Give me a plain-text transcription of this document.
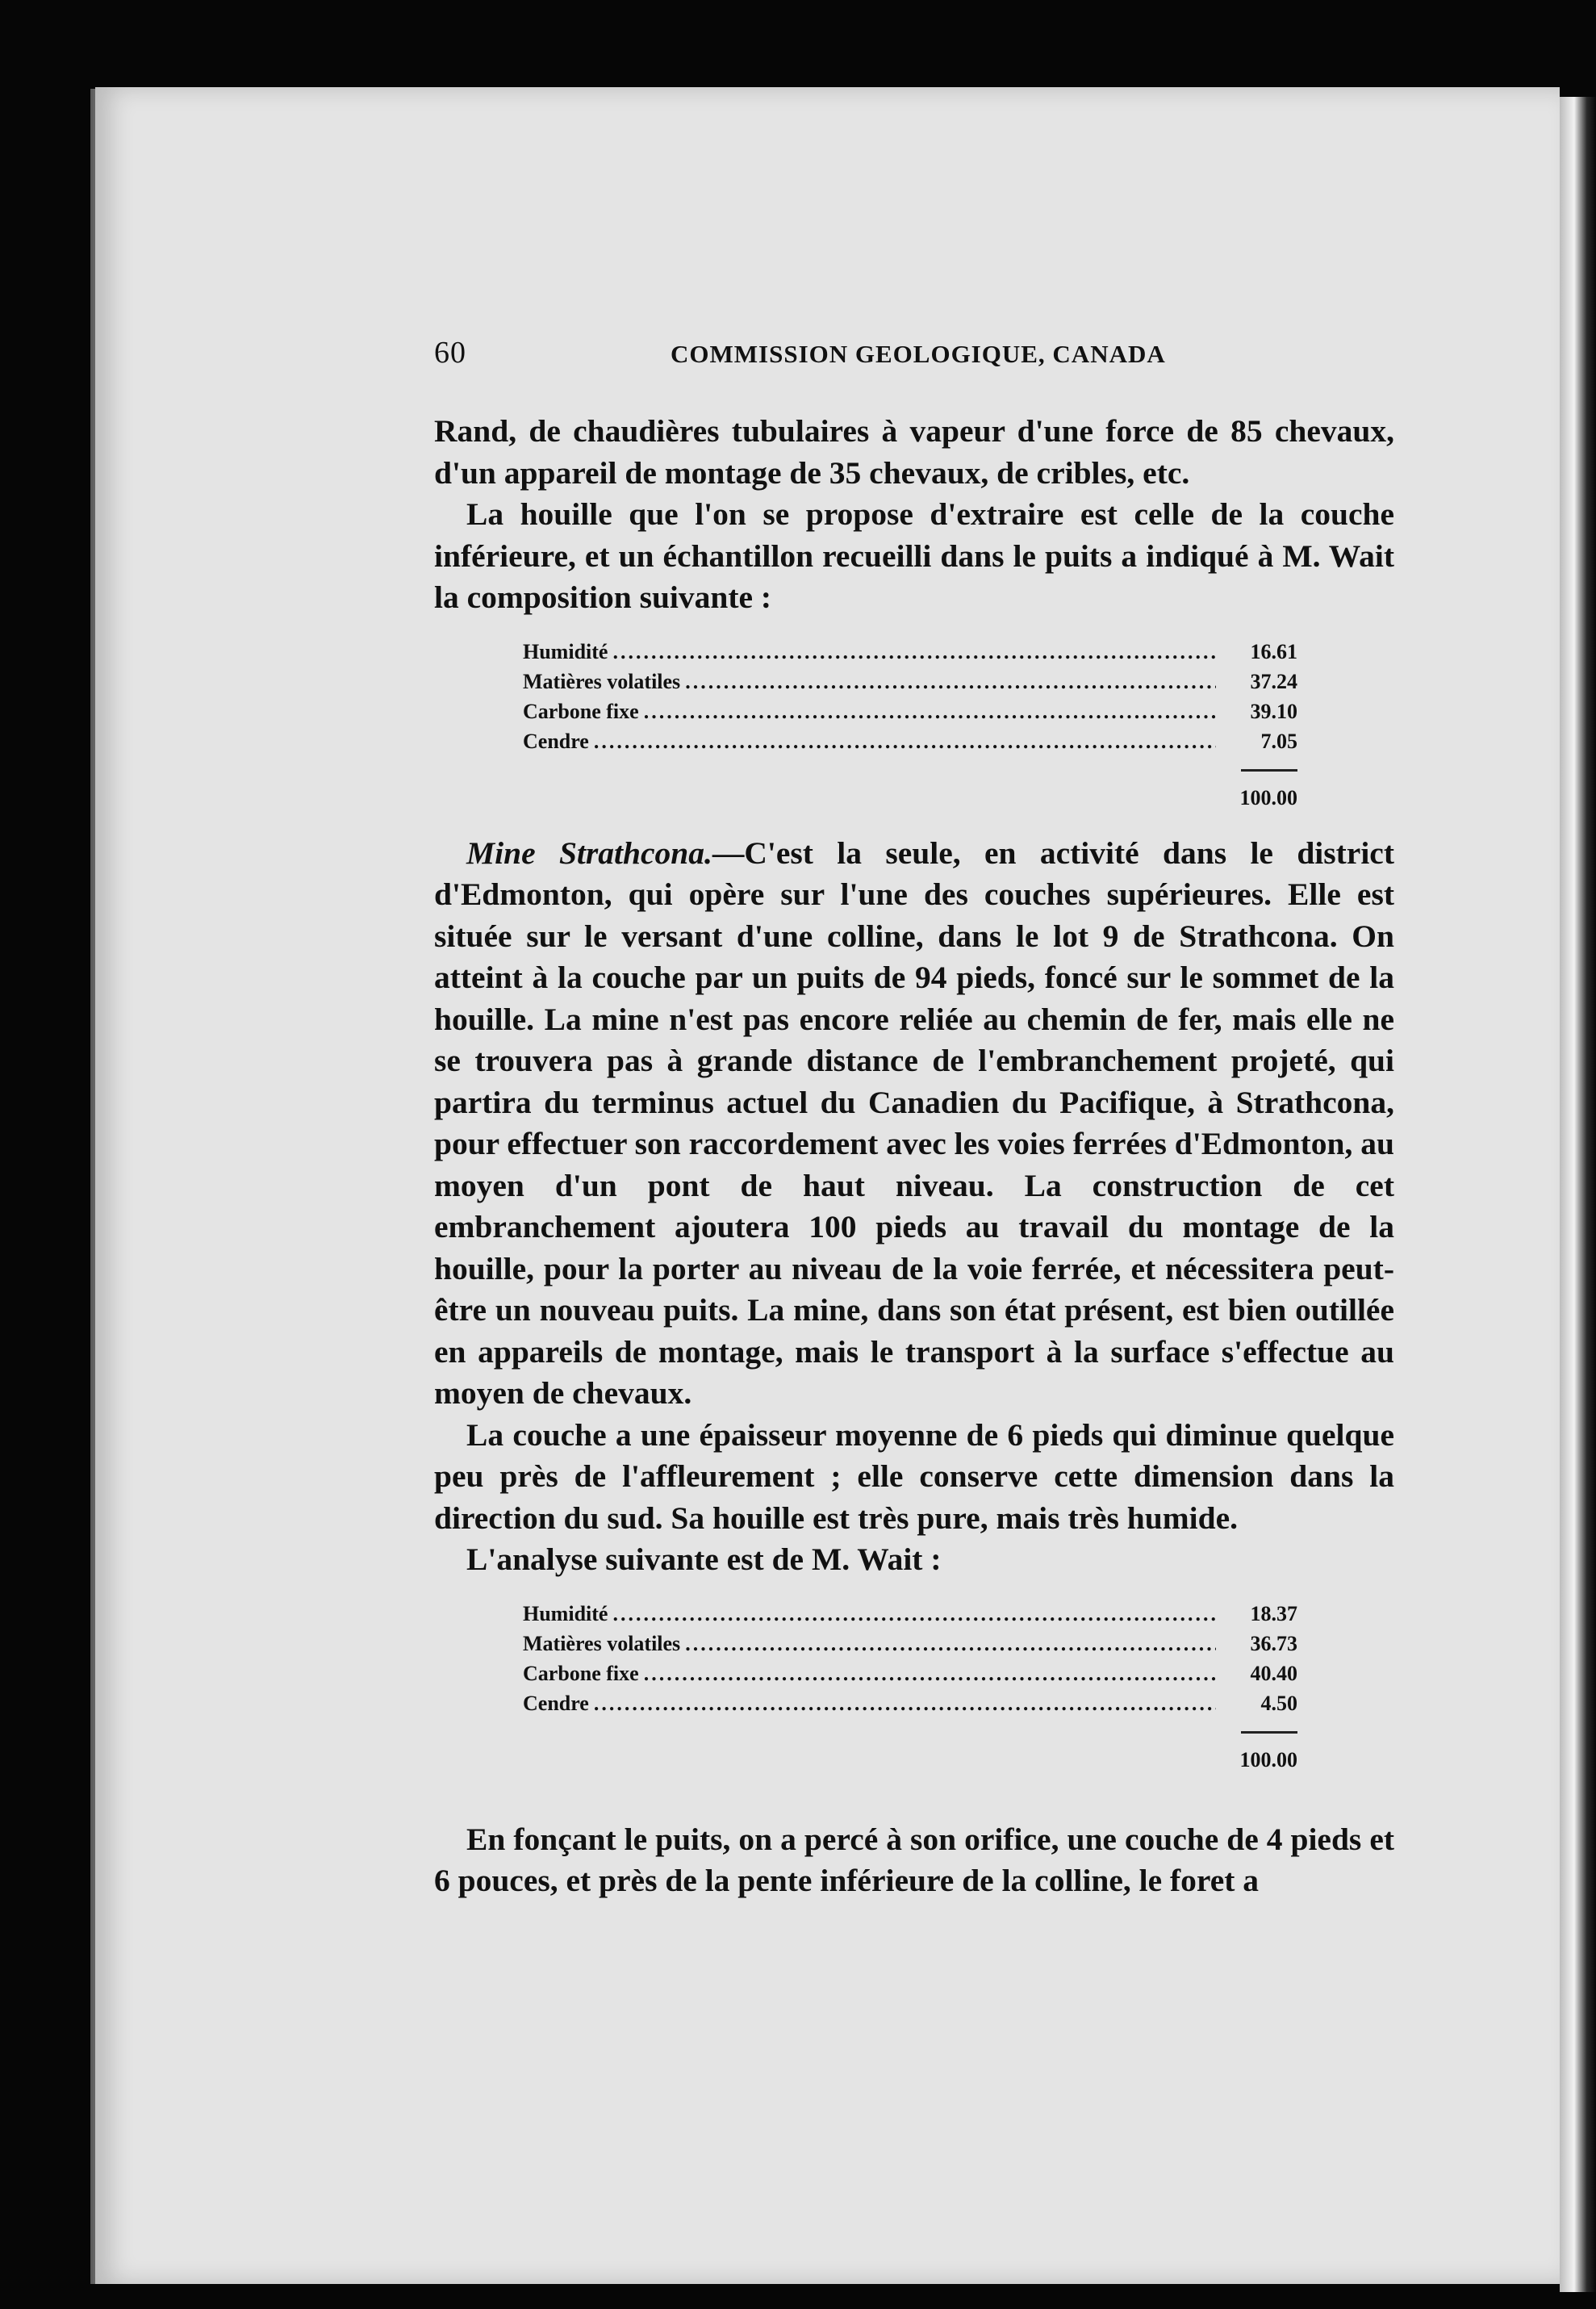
60	COMMISSION GEOLOGIQUE, CANADA

Rand, de chaudières tubulaires à vapeur d'une force de 85 chevaux, d'un appareil de montage de 35 chevaux, de cribles, etc.

La houille que l'on se propose d'extraire est celle de la couche inférieure, et un échantillon recueilli dans le puits a indiqué à M. Wait la composition suivante :

Humidité .....	16.61
Matières volatiles .....	37.24
Carbone fixe .....	39.10
Cendre .....	7.05
100.00

Mine Strathcona.—C'est la seule, en activité dans le district d'Edmonton, qui opère sur l'une des couches supérieures. Elle est située sur le versant d'une colline, dans le lot 9 de Strathcona. On atteint à la couche par un puits de 94 pieds, foncé sur le sommet de la houille. La mine n'est pas encore reliée au chemin de fer, mais elle ne se trouvera pas à grande distance de l'embranchement projeté, qui partira du terminus actuel du Canadien du Pacifique, à Strathcona, pour effectuer son raccordement avec les voies ferrées d'Edmonton, au moyen d'un pont de haut niveau. La construction de cet embranchement ajoutera 100 pieds au travail du montage de la houille, pour la porter au niveau de la voie ferrée, et nécessitera peut-être un nouveau puits. La mine, dans son état présent, est bien outillée en appareils de montage, mais le transport à la surface s'effectue au moyen de chevaux.

La couche a une épaisseur moyenne de 6 pieds qui diminue quelque peu près de l'affleurement ; elle conserve cette dimension dans la direction du sud. Sa houille est très pure, mais très humide.

L'analyse suivante est de M. Wait :

Humidité .....	18.37
Matières volatiles .....	36.73
Carbone fixe .....	40.40
Cendre .....	4.50
100.00

En fonçant le puits, on a percé à son orifice, une couche de 4 pieds et 6 pouces, et près de la pente inférieure de la colline, le foret a
